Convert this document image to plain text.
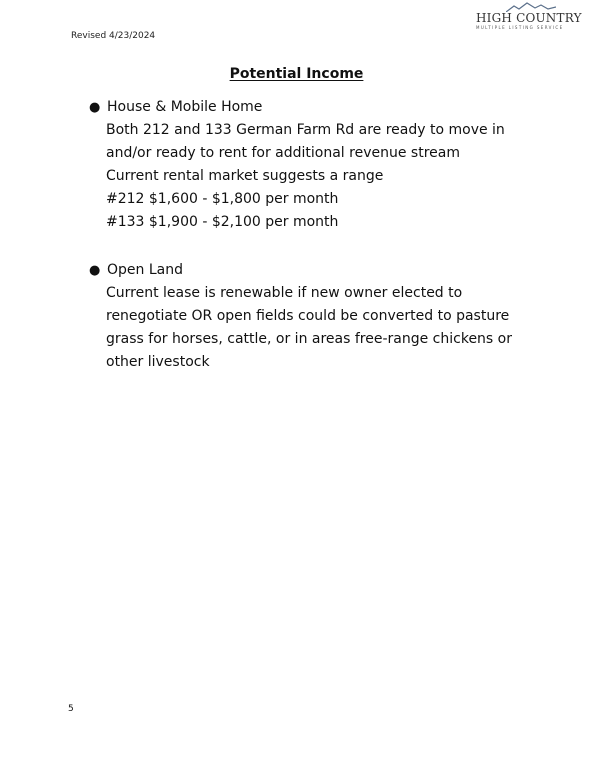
Revised 4/23/2024
HIGH COUNTRY
MULTIPLE LISTING SERVICE
Potential Income
● House & Mobile Home
Both 212 and 133 German Farm Rd are ready to move in
and/or ready to rent for additional revenue stream
Current rental market suggests a range
#212 $1,600 - $1,800 per month
#133 $1,900 - $2,100 per month
● Open Land
Current lease is renewable if new owner elected to
renegotiate OR open fields could be converted to pasture
grass for horses, cattle, or in areas free-range chickens or
other livestock
5
